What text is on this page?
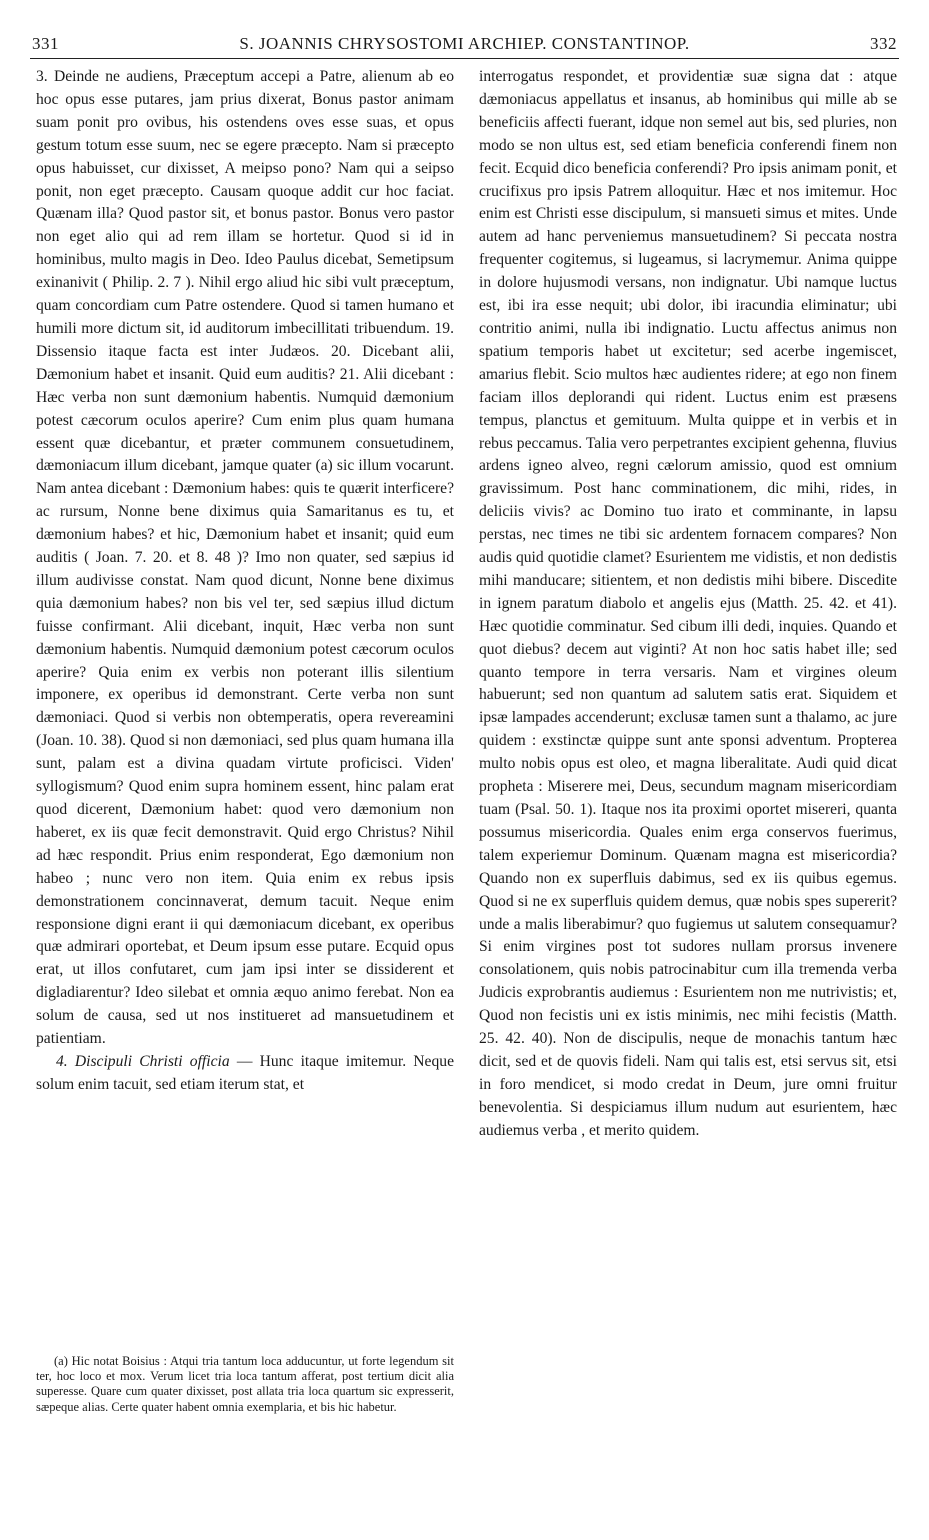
331	S. JOANNIS CHRYSOSTOMI ARCHIEP. CONSTANTINOP.	332

3. Deinde ne audiens, Præceptum accepi a Patre, alienum ab eo hoc opus esse putares, jam prius dixerat, Bonus pastor animam suam ponit pro ovibus, his ostendens oves esse suas, et opus gestum totum esse suum, nec se egere præcepto. Nam si præcepto opus habuisset, cur dixisset, A meipso pono? Nam qui a seipso ponit, non eget præcepto. Causam quoque addit cur hoc faciat. Quænam illa? Quod pastor sit, et bonus pastor. Bonus vero pastor non eget alio qui ad rem illam se hortetur. Quod si id in hominibus, multo magis in Deo. Ideo Paulus dicebat, Semetipsum exinanivit ( Philip. 2. 7 ). Nihil ergo aliud hic sibi vult præceptum, quam concordiam cum Patre ostendere. Quod si tamen humano et humili more dictum sit, id auditorum imbecillitati tribuendum. 19. Dissensio itaque facta est inter Judæos. 20. Dicebant alii, Dæmonium habet et insanit. Quid eum auditis? 21. Alii dicebant : Hæc verba non sunt dæmonium habentis. Numquid dæmonium potest cæcorum oculos aperire? Cum enim plus quam humana essent quæ dicebantur, et præter communem consuetudinem, dæmoniacum illum dicebant, jamque quater (a) sic illum vocarunt. Nam antea dicebant : Dæmonium habes: quis te quærit interficere? ac rursum, Nonne bene diximus quia Samaritanus es tu, et dæmonium habes? et hic, Dæmonium habet et insanit; quid eum auditis ( Joan. 7. 20. et 8. 48 )? Imo non quater, sed sæpius id illum audivisse constat. Nam quod dicunt, Nonne bene diximus quia dæmonium habes? non bis vel ter, sed sæpius illud dictum fuisse confirmant. Alii dicebant, inquit, Hæc verba non sunt dæmonium habentis. Numquid dæmonium potest cæcorum oculos aperire? Quia enim ex verbis non poterant illis silentium imponere, ex operibus id demonstrant. Certe verba non sunt dæmoniaci. Quod si verbis non obtemperatis, opera revereamini (Joan. 10. 38). Quod si non dæmoniaci, sed plus quam humana illa sunt, palam est a divina quadam virtute proficisci. Viden' syllogismum? Quod enim supra hominem essent, hinc palam erat quod dicerent, Dæmonium habet: quod vero dæmonium non haberet, ex iis quæ fecit demonstravit. Quid ergo Christus? Nihil ad hæc respondit. Prius enim responderat, Ego dæmonium non habeo ; nunc vero non item. Quia enim ex rebus ipsis demonstrationem concinnaverat, demum tacuit. Neque enim responsione digni erant ii qui dæmoniacum dicebant, ex operibus quæ admirari oportebat, et Deum ipsum esse putare. Ecquid opus erat, ut illos confutaret, cum jam ipsi inter se dissiderent et digladiarentur? Ideo silebat et omnia æquo animo ferebat. Non ea solum de causa, sed ut nos institueret ad mansuetudinem et patientiam.

4. Discipuli Christi officia — Hunc itaque imitemur. Neque solum enim tacuit, sed etiam iterum stat, et

(a) Hic notat Boisius : Atqui tria tantum loca adducuntur, ut forte legendum sit ter, hoc loco et mox. Verum licet tria loca tantum afferat, post tertium dicit alia superesse. Quare cum quater dixisset, post allata tria loca quartum sic expresserit, sæpeque alias. Certe quater habent omnia exemplaria, et bis hic habetur.

interrogatus respondet, et providentiæ suæ signa dat : atque dæmoniacus appellatus et insanus, ab hominibus qui mille ab se beneficiis affecti fuerant, idque non semel aut bis, sed pluries, non modo se non ultus est, sed etiam beneficia conferendi finem non fecit. Ecquid dico beneficia conferendi? Pro ipsis animam ponit, et crucifixus pro ipsis Patrem alloquitur. Hæc et nos imitemur. Hoc enim est Christi esse discipulum, si mansueti simus et mites. Unde autem ad hanc perveniemus mansuetudinem? Si peccata nostra frequenter cogitemus, si lugeamus, si lacrymemur. Anima quippe in dolore hujusmodi versans, non indignatur. Ubi namque luctus est, ibi ira esse nequit; ubi dolor, ibi iracundia eliminatur; ubi contritio animi, nulla ibi indignatio. Luctu affectus animus non spatium temporis habet ut excitetur; sed acerbe ingemiscet, amarius flebit. Scio multos hæc audientes ridere; at ego non finem faciam illos deplorandi qui rident. Luctus enim est præsens tempus, planctus et gemituum. Multa quippe et in verbis et in rebus peccamus. Talia vero perpetrantes excipient gehenna, fluvius ardens igneo alveo, regni cælorum amissio, quod est omnium gravissimum. Post hanc comminationem, dic mihi, rides, in deliciis vivis? ac Domino tuo irato et comminante, in lapsu perstas, nec times ne tibi sic ardentem fornacem compares? Non audis quid quotidie clamet? Esurientem me vidistis, et non dedistis mihi manducare; sitientem, et non dedistis mihi bibere. Discedite in ignem paratum diabolo et angelis ejus (Matth. 25. 42. et 41). Hæc quotidie comminatur. Sed cibum illi dedi, inquies. Quando et quot diebus? decem aut viginti? At non hoc satis habet ille; sed quanto tempore in terra versaris. Nam et virgines oleum habuerunt; sed non quantum ad salutem satis erat. Siquidem et ipsæ lampades accenderunt; exclusæ tamen sunt a thalamo, ac jure quidem : exstinctæ quippe sunt ante sponsi adventum. Propterea multo nobis opus est oleo, et magna liberalitate. Audi quid dicat propheta : Miserere mei, Deus, secundum magnam misericordiam tuam (Psal. 50. 1). Itaque nos ita proximi oportet misereri, quanta possumus misericordia. Quales enim erga conservos fuerimus, talem experiemur Dominum. Quænam magna est misericordia? Quando non ex superfluis dabimus, sed ex iis quibus egemus. Quod si ne ex superfluis quidem demus, quæ nobis spes supererit? unde a malis liberabimur? quo fugiemus ut salutem consequamur? Si enim virgines post tot sudores nullam prorsus invenere consolationem, quis nobis patrocinabitur cum illa tremenda verba Judicis exprobrantis audiemus : Esurientem non me nutrivistis; et, Quod non fecistis uni ex istis minimis, nec mihi fecistis (Matth. 25. 42. 40). Non de discipulis, neque de monachis tantum hæc dicit, sed et de quovis fideli. Nam qui talis est, etsi servus sit, etsi in foro mendicet, si modo credat in Deum, jure omni fruitur benevolentia. Si despiciamus illum nudum aut esurientem, hæc audiemus verba , et merito quidem.
